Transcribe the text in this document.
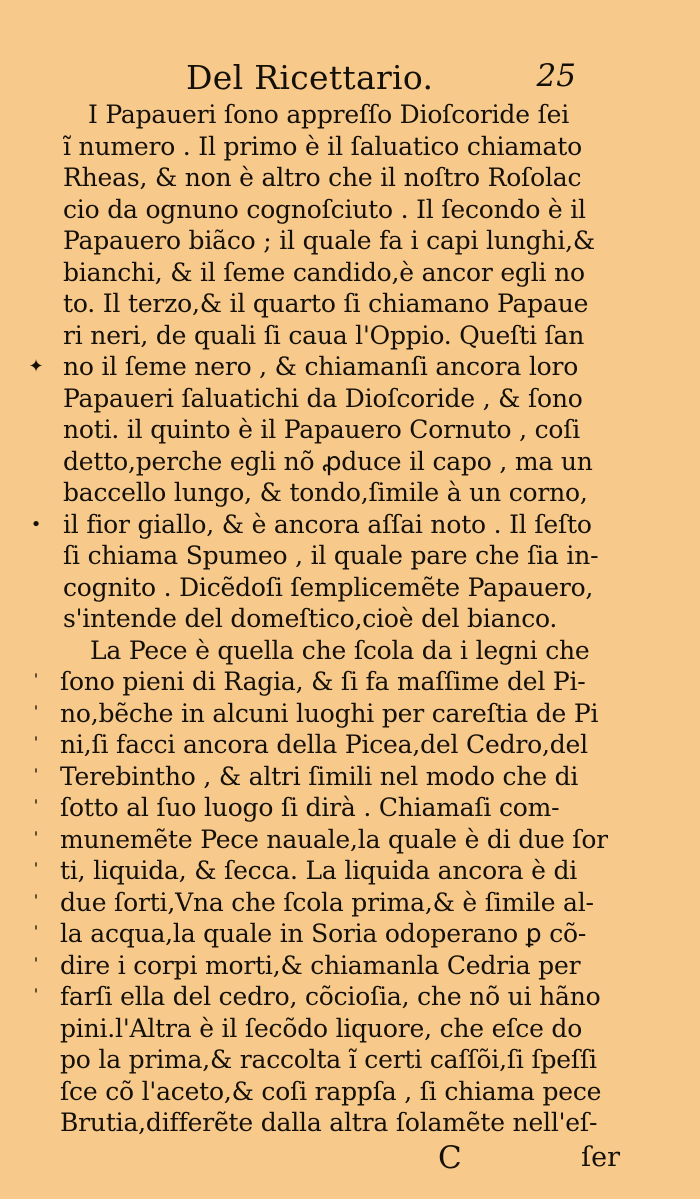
Del Ricettario.	25
✦
•
ˈ
ˈ
ˈ
ˈ
ˈ
ˈ
ˈ
ˈ
ˈ
ˈ
ˈ
I Papaueri ſono appreſſo Dioſcoride ſei
ĩ numero . Il primo è il ſaluatico chiamato
Rheas, & non è altro che il noſtro Roſolac
cio da ognuno cognoſciuto . Il ſecondo è il
Papauero biãco ; il quale fa i capi lunghi,&
bianchi, & il ſeme candido,è ancor egli no
to. Il terzo,& il quarto ſi chiamano Papaue
ri neri, de quali ſi caua l'Oppio. Queſti ſan
no il ſeme nero , & chiamanſi ancora loro
Papaueri ſaluatichi da Dioſcoride , & ſono
noti. il quinto è il Papauero Cornuto , coſi
detto,perche egli nõ ꝓduce il capo , ma un
baccello lungo, & tondo,ſimile à un corno,
il fior giallo, & è ancora aſſai noto . Il ſeſto
ſi chiama Spumeo , il quale pare che ſia in-
cognito . Dicẽdoſi ſemplicemẽte Papauero,
s'intende del domeſtico,cioè del bianco.
La Pece è quella che ſcola da i legni che
ſono pieni di Ragia, & ſi fa maſſime del Pi-
no,bẽche in alcuni luoghi per careſtia de Pi
ni,ſi facci ancora della Picea,del Cedro,del
Terebintho , & altri ſimili nel modo che di
ſotto al ſuo luogo ſi dirà . Chiamaſi com-
munemẽte Pece nauale,la quale è di due ſor
ti, liquida, & ſecca. La liquida ancora è di
due ſorti,Vna che ſcola prima,& è ſimile al-
la acqua,la quale in Soria odoperano ꝑ cõ-
dire i corpi morti,& chiamanla Cedria per
farſi ella del cedro, cõcioſia, che nõ ui hãno
pini.l'Altra è il ſecõdo liquore, che eſce do
po la prima,& raccolta ĩ certi caſſõi,ſi ſpeſſi
ſce cõ l'aceto,& coſi rappſa , ſi chiama pece
Brutia,differẽte dalla altra ſolamẽte nell'eſ-
C	ſer
